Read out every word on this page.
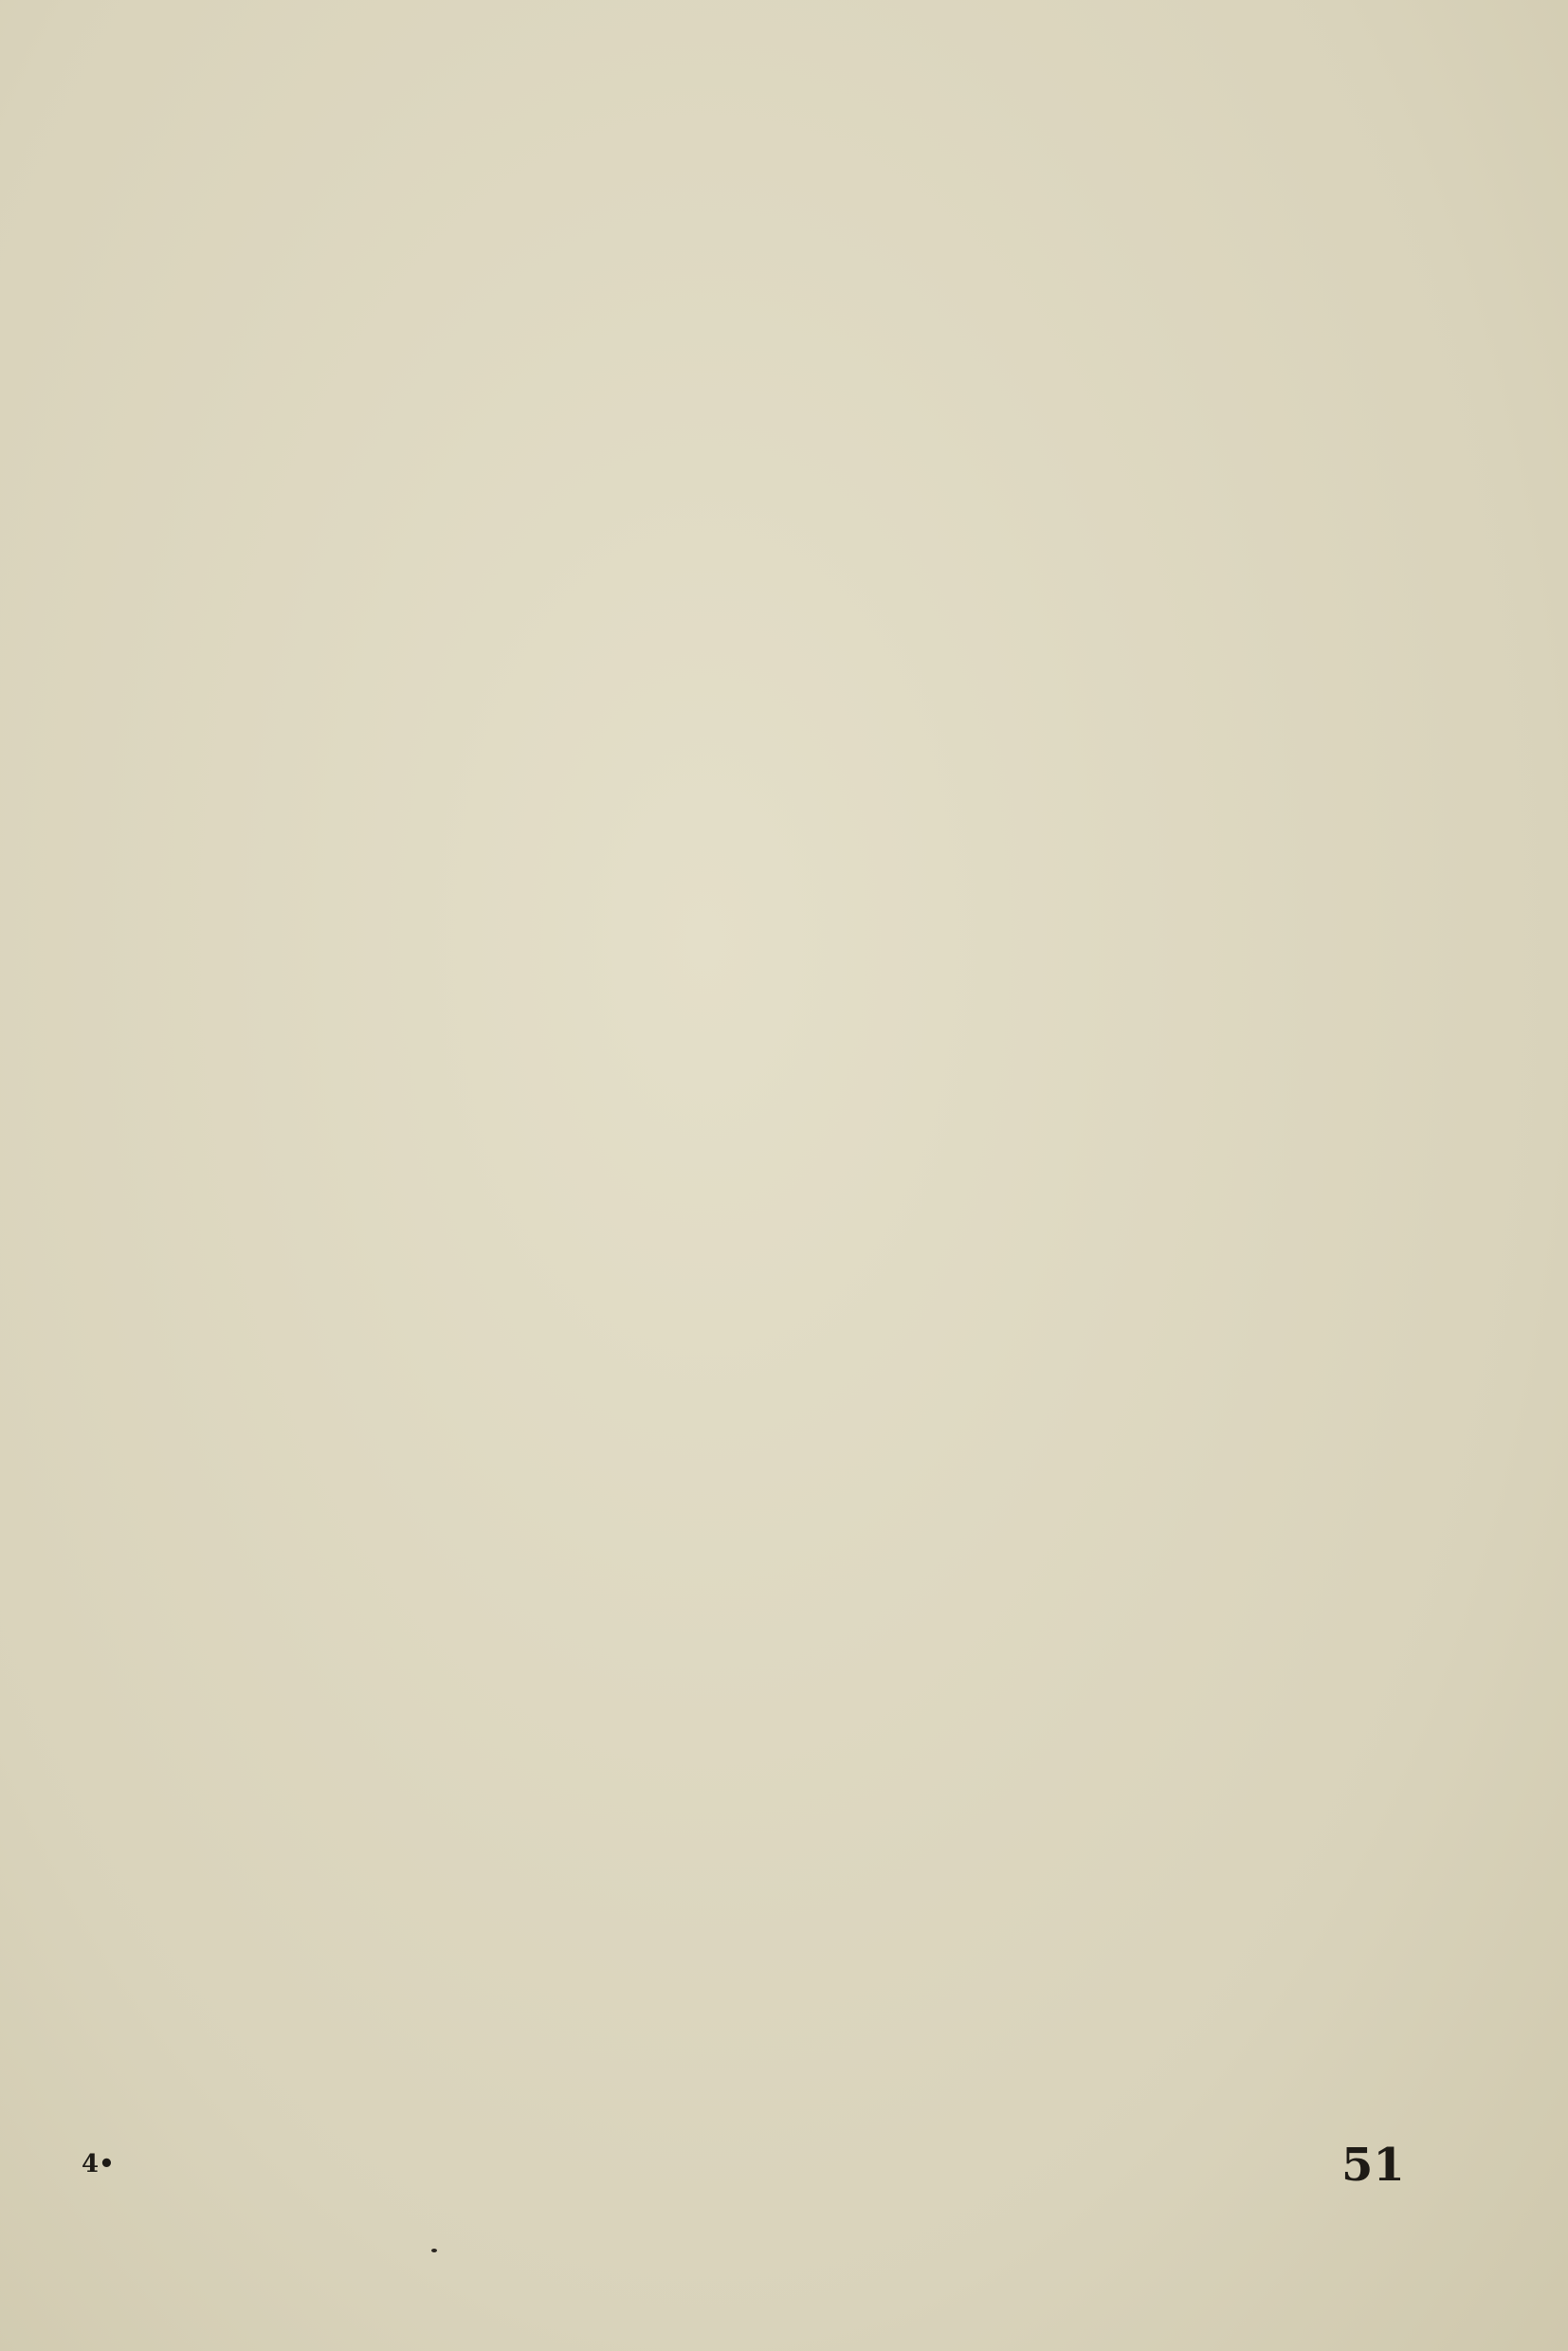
4•	51
